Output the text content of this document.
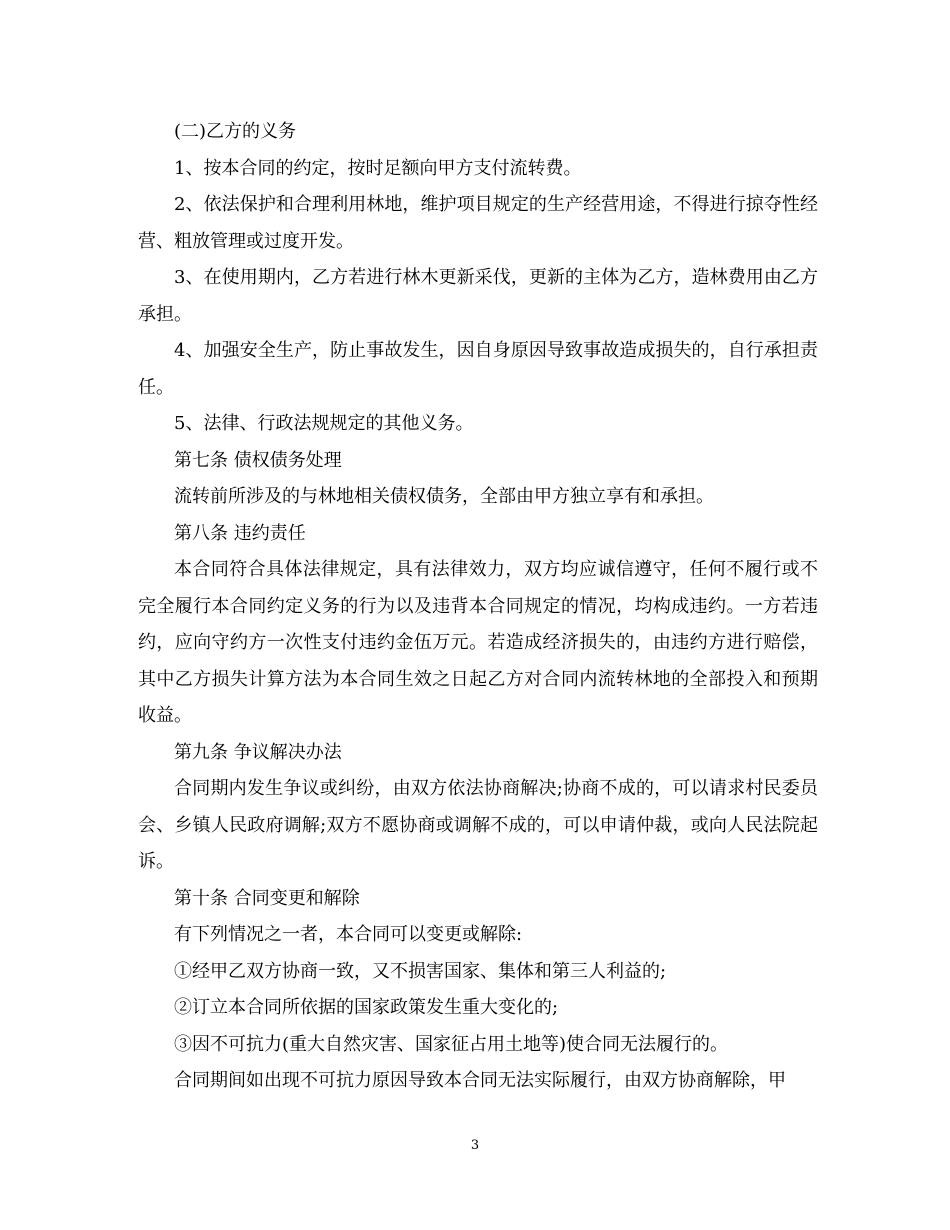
(二)乙方的义务

1、按本合同的约定，按时足额向甲方支付流转费。

2、依法保护和合理利用林地，维护项目规定的生产经营用途，不得进行掠夺性经营、粗放管理或过度开发。

3、在使用期内，乙方若进行林木更新采伐，更新的主体为乙方，造林费用由乙方承担。

4、加强安全生产，防止事故发生，因自身原因导致事故造成损失的，自行承担责任。

5、法律、行政法规规定的其他义务。

第七条 债权债务处理

流转前所涉及的与林地相关债权债务，全部由甲方独立享有和承担。

第八条 违约责任

本合同符合具体法律规定，具有法律效力，双方均应诚信遵守，任何不履行或不完全履行本合同约定义务的行为以及违背本合同规定的情况，均构成违约。一方若违约，应向守约方一次性支付违约金伍万元。若造成经济损失的，由违约方进行赔偿，其中乙方损失计算方法为本合同生效之日起乙方对合同内流转林地的全部投入和预期收益。

第九条 争议解决办法

合同期内发生争议或纠纷，由双方依法协商解决;协商不成的，可以请求村民委员会、乡镇人民政府调解;双方不愿协商或调解不成的，可以申请仲裁，或向人民法院起诉。

第十条 合同变更和解除

有下列情况之一者，本合同可以变更或解除:

①经甲乙双方协商一致，又不损害国家、集体和第三人利益的;

②订立本合同所依据的国家政策发生重大变化的;

③因不可抗力(重大自然灾害、国家征占用土地等)使合同无法履行的。

合同期间如出现不可抗力原因导致本合同无法实际履行，由双方协商解除，甲

3
